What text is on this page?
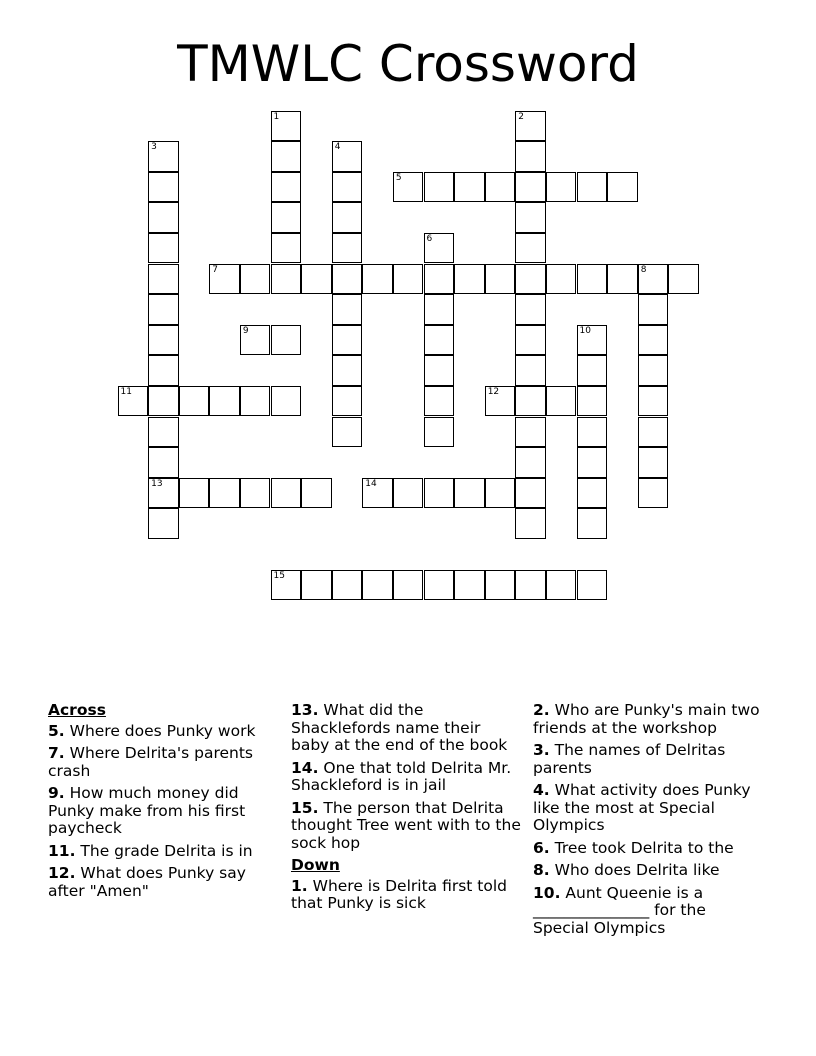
TMWLC Crossword
1	2
3
13
4
5
6
7	8
9	10
11	12
14
15
Across
5. Where does Punky work
7. Where Delrita's parents crash
9. How much money did Punky make from his first paycheck
11. The grade Delrita is in
12. What does Punky say after "Amen"
13. What did the Shacklefords name their baby at the end of the book
14. One that told Delrita Mr. Shackleford is in jail
15. The person that Delrita thought Tree went with to the sock hop
Down
1. Where is Delrita first told that Punky is sick
2. Who are Punky's main two friends at the workshop
3. The names of Delritas parents
4. What activity does Punky like the most at Special Olympics
6. Tree took Delrita to the
8. Who does Delrita like
10. Aunt Queenie is a _______________ for the Special Olympics
